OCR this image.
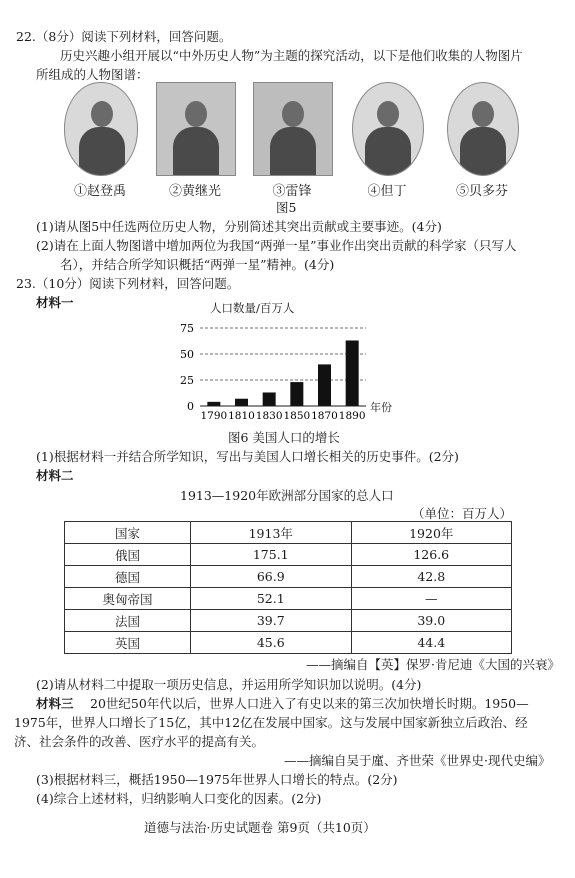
22.（8分）阅读下列材料，回答问题。
历史兴趣小组开展以“中外历史人物”为主题的探究活动，以下是他们收集的人物图片
所组成的人物图谱：
①赵登禹	②黄继光	③雷锋	④但丁	⑤贝多芬
图5
(1)请从图5中任选两位历史人物，分别简述其突出贡献或主要事迹。(4分)
(2)请在上面人物图谱中增加两位为我国“两弹一星”事业作出突出贡献的科学家（只写人
名），并结合所学知识概括“两弹一星”精神。(4分)
23.（10分）阅读下列材料，回答问题。
材料一	人口数量/百万人
0
25
50
75
1790 1810 1830 1850 1870 1890
年份
图6 美国人口的增长
(1)根据材料一并结合所学知识，写出与美国人口增长相关的历史事件。(2分)
材料二
1913—1920年欧洲部分国家的总人口
（单位：百万人）
国家	1913年	1920年
俄国	175.1	126.6
德国	66.9	42.8
奥匈帝国	52.1	—
法国	39.7	39.0
英国	45.6	44.4
——摘编自【英】保罗·肯尼迪《大国的兴衰》
(2)请从材料二中提取一项历史信息，并运用所学知识加以说明。(4分)
材料三 20世纪50年代以后，世界人口进入了有史以来的第三次加快增长时期。1950—
1975年，世界人口增长了15亿，其中12亿在发展中国家。这与发展中国家新独立后政治、经
济、社会条件的改善、医疗水平的提高有关。
——摘编自吴于廑、齐世荣《世界史·现代史编》
(3)根据材料三，概括1950—1975年世界人口增长的特点。(2分)
(4)综合上述材料，归纳影响人口变化的因素。(2分)
道德与法治·历史试题卷 第9页（共10页）
